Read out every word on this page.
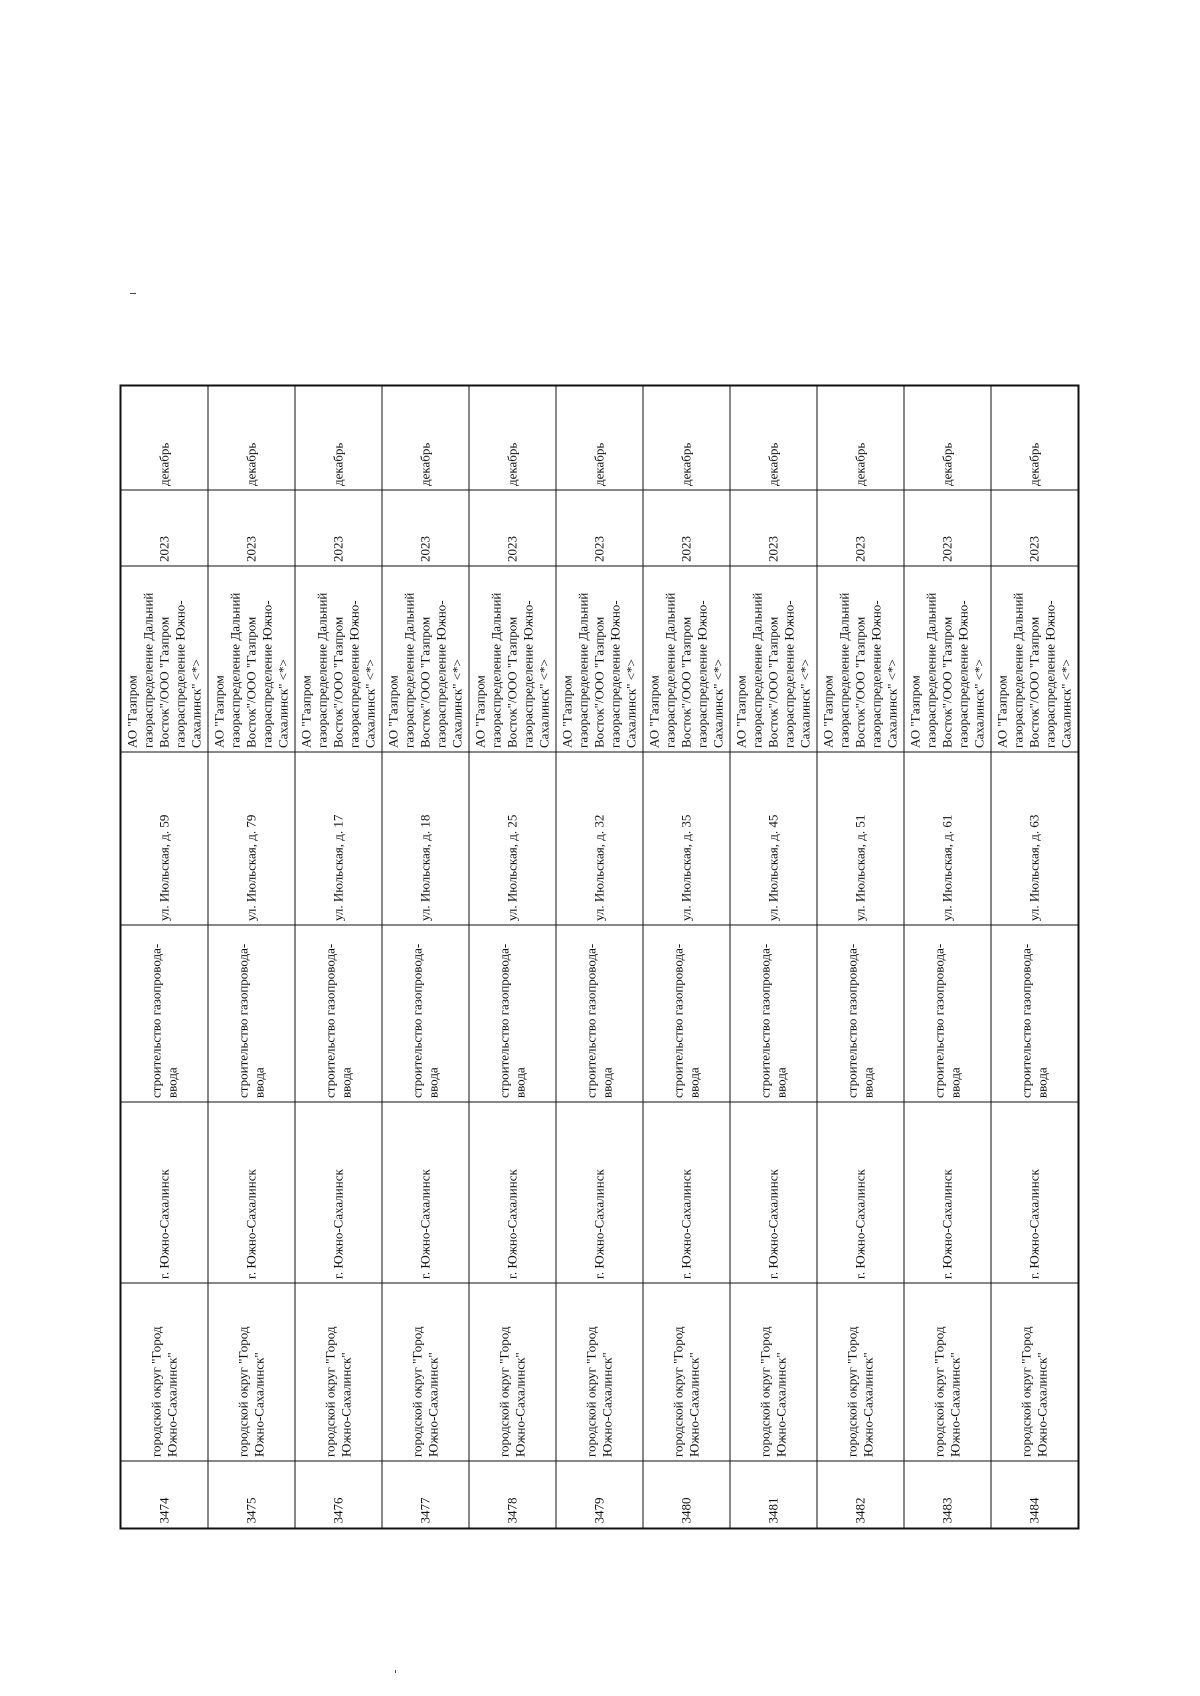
3474	городской округ "Город Южно-Сахалинск"	г. Южно-Сахалинск	строительство газопровода-ввода	ул. Июльская, д. 59	АО "Газпром газораспределение Дальний Восток"/ООО "Газпром газораспределение Южно-Сахалинск" <*>	2023	декабрь
3475	городской округ "Город Южно-Сахалинск"	г. Южно-Сахалинск	строительство газопровода-ввода	ул. Июльская, д. 79	АО "Газпром газораспределение Дальний Восток"/ООО "Газпром газораспределение Южно-Сахалинск" <*>	2023	декабрь
3476	городской округ "Город Южно-Сахалинск"	г. Южно-Сахалинск	строительство газопровода-ввода	ул. Июльская, д. 17	АО "Газпром газораспределение Дальний Восток"/ООО "Газпром газораспределение Южно-Сахалинск" <*>	2023	декабрь
3477	городской округ "Город Южно-Сахалинск"	г. Южно-Сахалинск	строительство газопровода-ввода	ул. Июльская, д. 18	АО "Газпром газораспределение Дальний Восток"/ООО "Газпром газораспределение Южно-Сахалинск" <*>	2023	декабрь
3478	городской округ "Город Южно-Сахалинск"	г. Южно-Сахалинск	строительство газопровода-ввода	ул. Июльская, д. 25	АО "Газпром газораспределение Дальний Восток"/ООО "Газпром газораспределение Южно-Сахалинск" <*>	2023	декабрь
3479	городской округ "Город Южно-Сахалинск"	г. Южно-Сахалинск	строительство газопровода-ввода	ул. Июльская, д. 32	АО "Газпром газораспределение Дальний Восток"/ООО "Газпром газораспределение Южно-Сахалинск" <*>	2023	декабрь
3480	городской округ "Город Южно-Сахалинск"	г. Южно-Сахалинск	строительство газопровода-ввода	ул. Июльская, д. 35	АО "Газпром газораспределение Дальний Восток"/ООО "Газпром газораспределение Южно-Сахалинск" <*>	2023	декабрь
3481	городской округ "Город Южно-Сахалинск"	г. Южно-Сахалинск	строительство газопровода-ввода	ул. Июльская, д. 45	АО "Газпром газораспределение Дальний Восток"/ООО "Газпром газораспределение Южно-Сахалинск" <*>	2023	декабрь
3482	городской округ "Город Южно-Сахалинск"	г. Южно-Сахалинск	строительство газопровода-ввода	ул. Июльская, д. 51	АО "Газпром газораспределение Дальний Восток"/ООО "Газпром газораспределение Южно-Сахалинск" <*>	2023	декабрь
3483	городской округ "Город Южно-Сахалинск"	г. Южно-Сахалинск	строительство газопровода-ввода	ул. Июльская, д. 61	АО "Газпром газораспределение Дальний Восток"/ООО "Газпром газораспределение Южно-Сахалинск" <*>	2023	декабрь
3484	городской округ "Город Южно-Сахалинск"	г. Южно-Сахалинск	строительство газопровода-ввода	ул. Июльская, д. 63	АО "Газпром газораспределение Дальний Восток"/ООО "Газпром газораспределение Южно-Сахалинск" <*>	2023	декабрь
